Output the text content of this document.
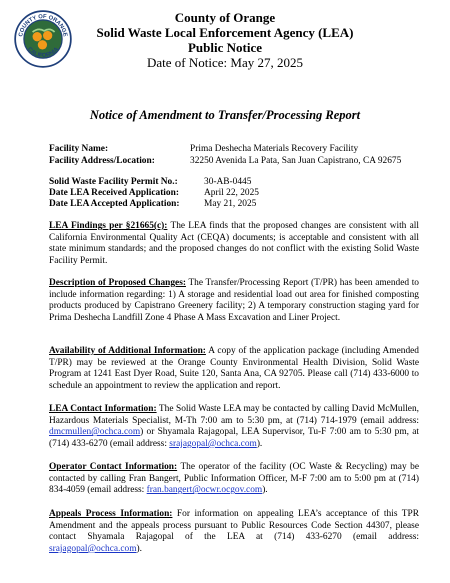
COUNTY OF ORANGE
CALIFORNIA
County of Orange
Solid Waste Local Enforcement Agency (LEA)
Public Notice
Date of Notice: May 27, 2025
Notice of Amendment to Transfer/Processing Report
Facility Name:	Prima Deshecha Materials Recovery Facility
Facility Address/Location:	32250 Avenida La Pata, San Juan Capistrano, CA 92675
Solid Waste Facility Permit No.:	30-AB-0445
Date LEA Received Application:	April 22, 2025
Date LEA Accepted Application:	May 21, 2025
LEA Findings per §21665(c): The LEA finds that the proposed changes are consistent with all California Environmental Quality Act (CEQA) documents; is acceptable and consistent with all state minimum standards; and the proposed changes do not conflict with the existing Solid Waste Facility Permit.
Description of Proposed Changes: The Transfer/Processing Report (T/PR) has been amended to include information regarding: 1) A storage and residential load out area for finished composting products produced by Capistrano Greenery facility; 2) A temporary construction staging yard for Prima Deshecha Landfill Zone 4 Phase A Mass Excavation and Liner Project.
Availability of Additional Information: A copy of the application package (including Amended T/PR) may be reviewed at the Orange County Environmental Health Division, Solid Waste Program at 1241 East Dyer Road, Suite 120, Santa Ana, CA 92705. Please call (714) 433-6000 to schedule an appointment to review the application and report.
LEA Contact Information: The Solid Waste LEA may be contacted by calling David McMullen, Hazardous Materials Specialist, M-Th 7:00 am to 5:30 pm, at (714) 714-1979 (email address: dmcmullen@ochca.com) or Shyamala Rajagopal, LEA Supervisor, Tu-F 7:00 am to 5:30 pm, at (714) 433-6270 (email address: srajagopal@ochca.com).
Operator Contact Information: The operator of the facility (OC Waste & Recycling) may be contacted by calling Fran Bangert, Public Information Officer, M-F 7:00 am to 5:00 pm at (714) 834-4059 (email address: fran.bangert@ocwr.ocgov.com).
Appeals Process Information: For information on appealing LEA’s acceptance of this TPR Amendment and the appeals process pursuant to Public Resources Code Section 44307, please contact Shyamala Rajagopal of the LEA at (714) 433-6270 (email address: srajagopal@ochca.com).
